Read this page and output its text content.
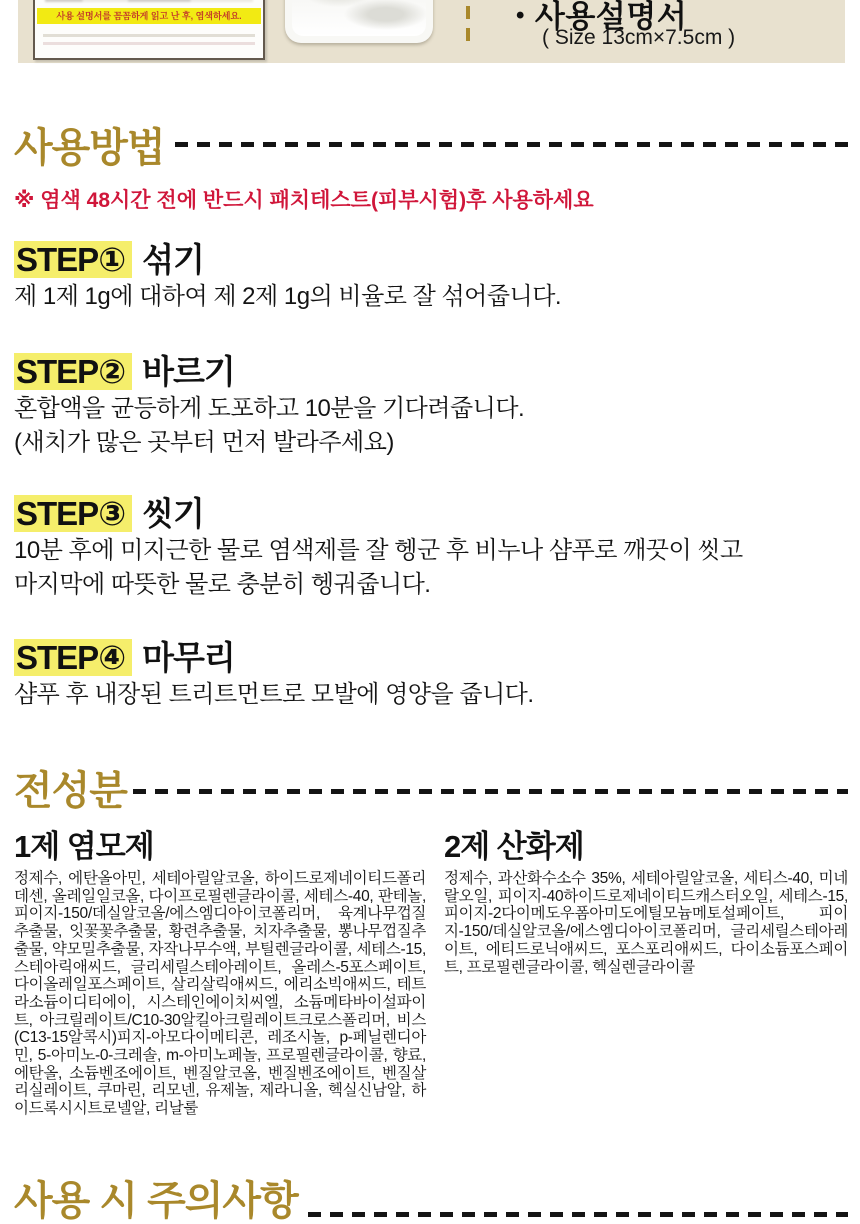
사용 설명서를 꼼꼼하게 읽고 난 후, 염색하세요.	• 사용설명서
( Size 13cm×7.5cm )
사용방법

※ 염색 48시간 전에 반드시 패치테스트(피부시험)후 사용하세요

STEP① 섞기

제 1제 1g에 대하여 제 2제 1g의 비율로 잘 섞어줍니다.

STEP② 바르기

혼합액을 균등하게 도포하고 10분을 기다려줍니다.

(새치가 많은 곳부터 먼저 발라주세요)

STEP③ 씻기

10분 후에 미지근한 물로 염색제를 잘 헹군 후 비누나 샴푸로 깨끗이 씻고

마지막에 따뜻한 물로 충분히 헹궈줍니다.

STEP④ 마무리

샴푸 후 내장된 트리트먼트로 모발에 영양을 줍니다.

전성분
1제 염모제

정제수, 에탄올아민, 세테아릴알코올, 하이드로제네이티드폴리데센, 올레일일코올, 다이프로필렌글라이콜, 세테스-40, 판테놀, 피이지-150/데실알코올/에스엠디아이코폴리머, 육계나무껍질추출물, 잇꽃꽃추출물, 황련추출물, 치자추출물, 뽕나무껍질추출물, 약모밀추출물, 자작나무수액, 부틸렌글라이콜, 세테스-15, 스테아릭애씨드, 글리세릴스테아레이트, 올레스-5포스페이트, 다이올레일포스페이트, 살리살릭애씨드, 에리소빅애씨드, 테트라소듐이디티에이, 시스테인에이치씨엘, 소듐메타바이설파이트, 아크릴레이트/C10-30알킬아크릴레이트크로스폴리머, 비스(C13-15알콕시)피지-아모다이메티콘, 레조시놀, p-페닐렌디아민, 5-아미노-0-크레솔, m-아미노페놀, 프로필렌글라이콜, 향료, 에탄올, 소듐벤조에이트, 벤질알코올, 벤질벤조에이트, 벤질살리실레이트, 쿠마린, 리모넨, 유제놀, 제라니올, 헥실신남알, 하이드록시시트로넬알, 리날룰

2제 산화제

정제수, 과산화수소수 35%, 세테아릴알코올, 세티스-40, 미네랄오일, 피이지-40하이드로제네이티드캐스터오일, 세테스-15, 피이지-2다이메도우폼아미도에틸모늄메토설페이트, 피이지-150/데실알코올/에스엠디아이코폴리머, 글리세릴스테아레이트, 에티드로닉애씨드, 포스포리애씨드, 다이소듐포스페이트, 프로필렌글라이콜, 헥실렌글라이콜

사용 시 주의사항
